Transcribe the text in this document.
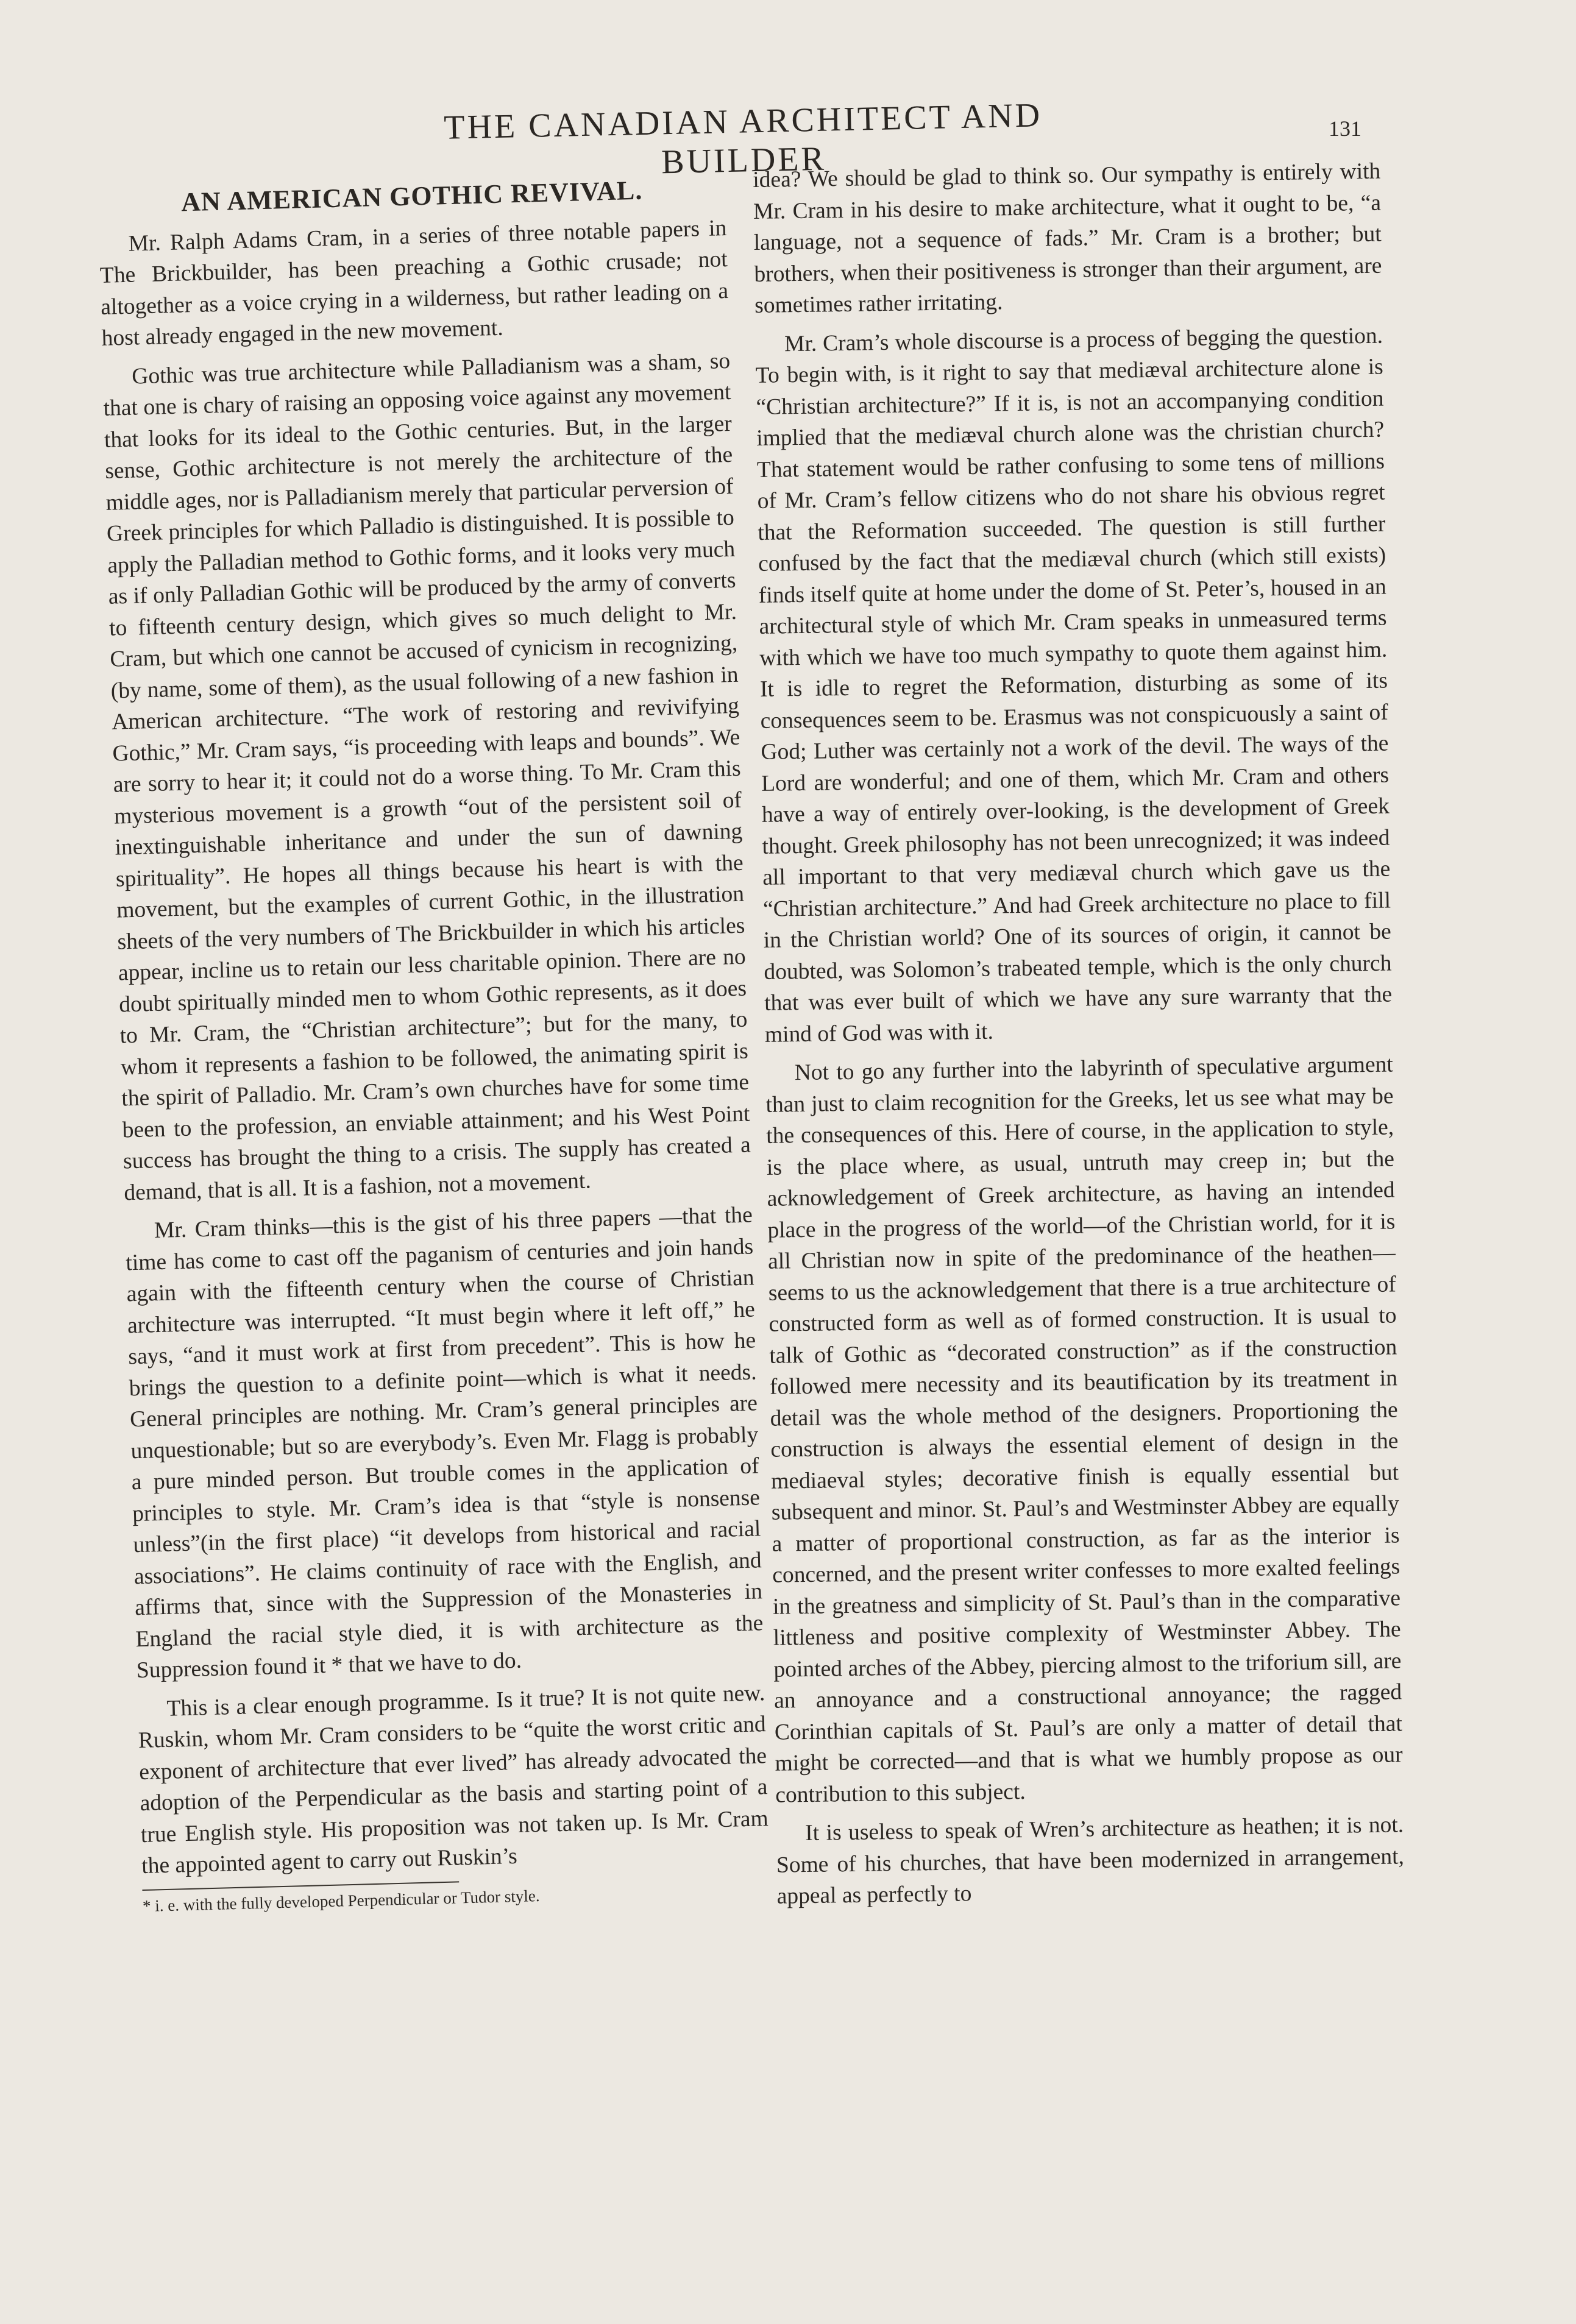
THE CANADIAN ARCHITECT AND BUILDER
131
AN AMERICAN GOTHIC REVIVAL.

Mr. Ralph Adams Cram, in a series of three notable papers in The Brickbuilder, has been preaching a Gothic crusade; not altogether as a voice crying in a wilderness, but rather leading on a host already engaged in the new movement.

Gothic was true architecture while Palladianism was a sham, so that one is chary of raising an opposing voice against any movement that looks for its ideal to the Gothic centuries. But, in the larger sense, Gothic architecture is not merely the architecture of the middle ages, nor is Palladianism merely that particular perversion of Greek principles for which Palladio is distinguished. It is possible to apply the Palladian method to Gothic forms, and it looks very much as if only Palladian Gothic will be produced by the army of converts to fifteenth century design, which gives so much delight to Mr. Cram, but which one cannot be accused of cynicism in recognizing, (by name, some of them), as the usual following of a new fashion in American architecture. “The work of restoring and revivifying Gothic,” Mr. Cram says, “is proceeding with leaps and bounds”. We are sorry to hear it; it could not do a worse thing. To Mr. Cram this mysterious movement is a growth “out of the persistent soil of inextinguishable inheritance and under the sun of dawning spirituality”. He hopes all things because his heart is with the movement, but the examples of current Gothic, in the illustration sheets of the very numbers of The Brickbuilder in which his articles appear, incline us to retain our less charitable opinion. There are no doubt spiritually minded men to whom Gothic represents, as it does to Mr. Cram, the “Christian architecture”; but for the many, to whom it represents a fashion to be followed, the animating spirit is the spirit of Palladio. Mr. Cram’s own churches have for some time been to the profession, an enviable attainment; and his West Point success has brought the thing to a crisis. The supply has created a demand, that is all. It is a fashion, not a movement.

Mr. Cram thinks—this is the gist of his three papers —that the time has come to cast off the paganism of centuries and join hands again with the fifteenth century when the course of Christian architecture was interrupted. “It must begin where it left off,” he says, “and it must work at first from precedent”. This is how he brings the question to a definite point—which is what it needs. General principles are nothing. Mr. Cram’s general principles are unquestionable; but so are everybody’s. Even Mr. Flagg is probably a pure minded person. But trouble comes in the application of principles to style. Mr. Cram’s idea is that “style is nonsense unless”(in the first place) “it develops from historical and racial associations”. He claims continuity of race with the English, and affirms that, since with the Suppression of the Monasteries in England the racial style died, it is with architecture as the Suppression found it * that we have to do.

This is a clear enough programme. Is it true? It is not quite new. Ruskin, whom Mr. Cram considers to be “quite the worst critic and exponent of architecture that ever lived” has already advocated the adoption of the Perpendicular as the basis and starting point of a true English style. His proposition was not taken up. Is Mr. Cram the appointed agent to carry out Ruskin’s

* i. e. with the fully developed Perpendicular or Tudor style.

idea? We should be glad to think so. Our sympathy is entirely with Mr. Cram in his desire to make architecture, what it ought to be, “a language, not a sequence of fads.” Mr. Cram is a brother; but brothers, when their positiveness is stronger than their argument, are sometimes rather irritating.

Mr. Cram’s whole discourse is a process of begging the question. To begin with, is it right to say that mediæval architecture alone is “Christian architecture?” If it is, is not an accompanying condition implied that the mediæval church alone was the christian church? That statement would be rather confusing to some tens of millions of Mr. Cram’s fellow citizens who do not share his obvious regret that the Reformation succeeded. The question is still further confused by the fact that the mediæval church (which still exists) finds itself quite at home under the dome of St. Peter’s, housed in an architectural style of which Mr. Cram speaks in unmeasured terms with which we have too much sympathy to quote them against him. It is idle to regret the Reformation, disturbing as some of its consequences seem to be. Erasmus was not conspicuously a saint of God; Luther was certainly not a work of the devil. The ways of the Lord are wonderful; and one of them, which Mr. Cram and others have a way of entirely over-looking, is the development of Greek thought. Greek philosophy has not been unrecognized; it was indeed all important to that very mediæval church which gave us the “Christian architecture.” And had Greek architecture no place to fill in the Christian world? One of its sources of origin, it cannot be doubted, was Solomon’s trabeated temple, which is the only church that was ever built of which we have any sure warranty that the mind of God was with it.

Not to go any further into the labyrinth of speculative argument than just to claim recognition for the Greeks, let us see what may be the consequences of this. Here of course, in the application to style, is the place where, as usual, untruth may creep in; but the acknowledgement of Greek architecture, as having an intended place in the progress of the world—of the Christian world, for it is all Christian now in spite of the predominance of the heathen—seems to us the acknowledgement that there is a true architecture of constructed form as well as of formed construction. It is usual to talk of Gothic as “decorated construction” as if the construction followed mere necessity and its beautification by its treatment in detail was the whole method of the designers. Proportioning the construction is always the essential element of design in the mediaeval styles; decorative finish is equally essential but subsequent and minor. St. Paul’s and Westminster Abbey are equally a matter of proportional construction, as far as the interior is concerned, and the present writer confesses to more exalted feelings in the greatness and simplicity of St. Paul’s than in the comparative littleness and positive complexity of Westminster Abbey. The pointed arches of the Abbey, piercing almost to the triforium sill, are an annoyance and a constructional annoyance; the ragged Corinthian capitals of St. Paul’s are only a matter of detail that might be corrected—and that is what we humbly propose as our contribution to this subject.

It is useless to speak of Wren’s architecture as heathen; it is not. Some of his churches, that have been modernized in arrangement, appeal as perfectly to
